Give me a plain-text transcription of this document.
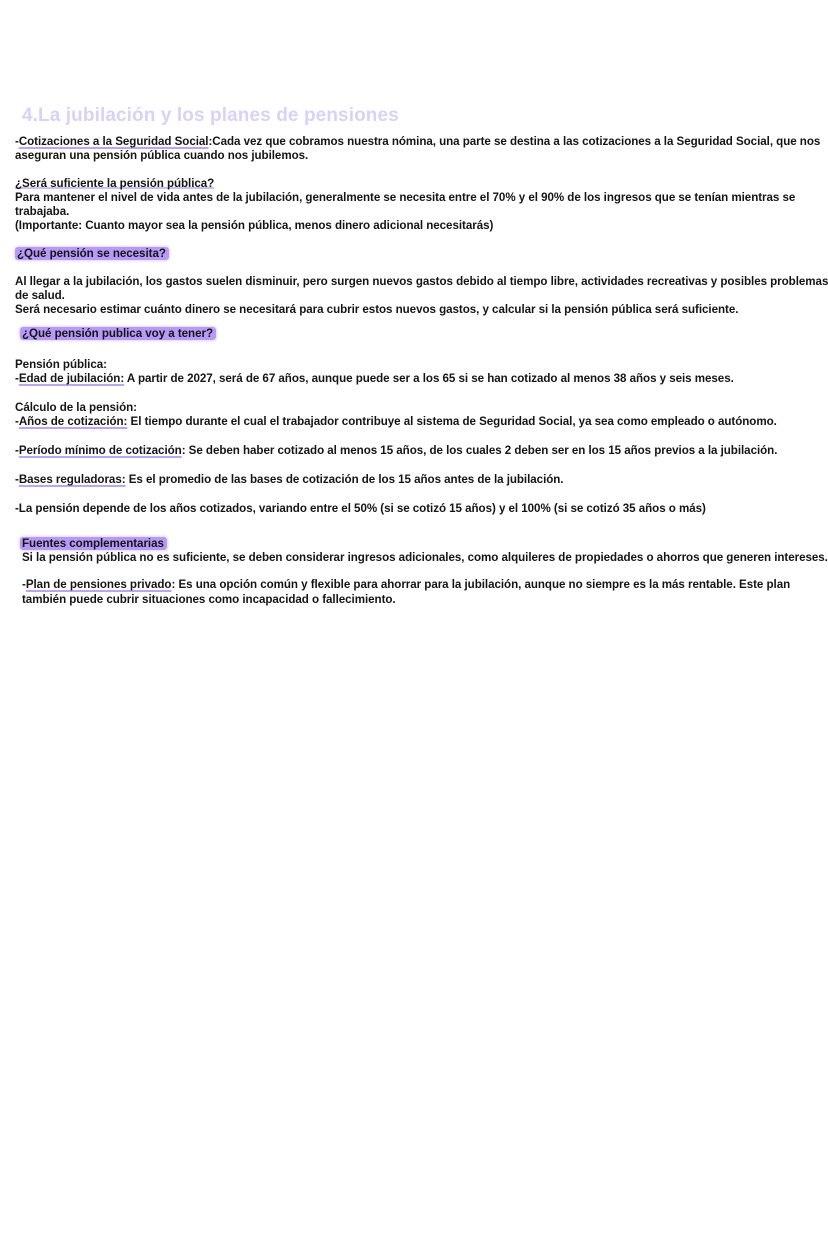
4.La jubilación y los planes de pensiones
-Cotizaciones a la Seguridad Social:Cada vez que cobramos nuestra nómina, una parte se destina a las cotizaciones a la Seguridad Social, que nos
aseguran una pensión pública cuando nos jubilemos.
¿Será suficiente la pensión pública?
Para mantener el nivel de vida antes de la jubilación, generalmente se necesita entre el 70% y el 90% de los ingresos que se tenían mientras se
trabajaba.
(Importante: Cuanto mayor sea la pensión pública, menos dinero adicional necesitarás)
¿Qué pensión se necesita?
Al llegar a la jubilación, los gastos suelen disminuir, pero surgen nuevos gastos debido al tiempo libre, actividades recreativas y posibles problemas
de salud.
Será necesario estimar cuánto dinero se necesitará para cubrir estos nuevos gastos, y calcular si la pensión pública será suficiente.
¿Qué pensión publica voy a tener?
Pensión pública:
-Edad de jubilación: A partir de 2027, será de 67 años, aunque puede ser a los 65 si se han cotizado al menos 38 años y seis meses.
Cálculo de la pensión:
-Años de cotización: El tiempo durante el cual el trabajador contribuye al sistema de Seguridad Social, ya sea como empleado o autónomo.
-Período mínimo de cotización: Se deben haber cotizado al menos 15 años, de los cuales 2 deben ser en los 15 años previos a la jubilación.
-Bases reguladoras: Es el promedio de las bases de cotización de los 15 años antes de la jubilación.
-La pensión depende de los años cotizados, variando entre el 50% (si se cotizó 15 años) y el 100% (si se cotizó 35 años o más)
Fuentes complementarias
Si la pensión pública no es suficiente, se deben considerar ingresos adicionales, como alquileres de propiedades o ahorros que generen intereses.
-Plan de pensiones privado: Es una opción común y flexible para ahorrar para la jubilación, aunque no siempre es la más rentable. Este plan
también puede cubrir situaciones como incapacidad o fallecimiento.
